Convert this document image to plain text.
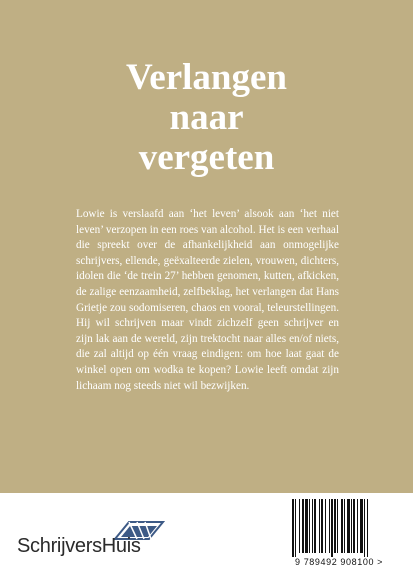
Verlangen
naar
vergeten

Lowie is verslaafd aan ‘het leven’ alsook aan ‘het niet leven’ verzopen in een roes van alcohol. Het is een verhaal die spreekt over de afhankelijkheid aan onmogelijke schrijvers, ellende, geëxalteerde zielen, vrouwen, dichters, idolen die ‘de trein 27’ hebben genomen, kutten, afkicken, de zalige eenzaamheid, zelfbeklag, het verlangen dat Hans Grietje zou sodomiseren, chaos en vooral, teleurstellingen. Hij wil schrijven maar vindt zichzelf geen schrijver en zijn lak aan de wereld, zijn trektocht naar alles en/of niets, die zal altijd op één vraag eindigen: om hoe laat gaat de winkel open om wodka te kopen? Lowie leeft omdat zijn lichaam nog steeds niet wil bezwijken.

SchrijversHuis
9 789492 908100 >
